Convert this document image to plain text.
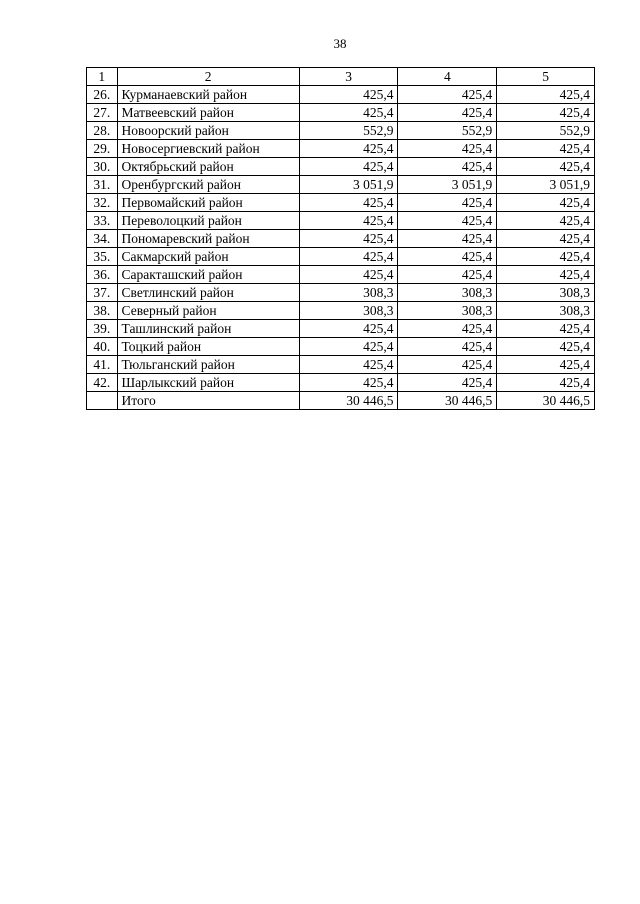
38
1	2	3	4	5
26.	Курманаевский район	425,4	425,4	425,4
27.	Матвеевский район	425,4	425,4	425,4
28.	Новоорский район	552,9	552,9	552,9
29.	Новосергиевский район	425,4	425,4	425,4
30.	Октябрьский район	425,4	425,4	425,4
31.	Оренбургский район	3 051,9	3 051,9	3 051,9
32.	Первомайский район	425,4	425,4	425,4
33.	Переволоцкий район	425,4	425,4	425,4
34.	Пономаревский район	425,4	425,4	425,4
35.	Сакмарский район	425,4	425,4	425,4
36.	Саракташский район	425,4	425,4	425,4
37.	Светлинский район	308,3	308,3	308,3
38.	Северный район	308,3	308,3	308,3
39.	Ташлинский район	425,4	425,4	425,4
40.	Тоцкий район	425,4	425,4	425,4
41.	Тюльганский район	425,4	425,4	425,4
42.	Шарлыкский район	425,4	425,4	425,4
	Итого	30 446,5	30 446,5	30 446,5
